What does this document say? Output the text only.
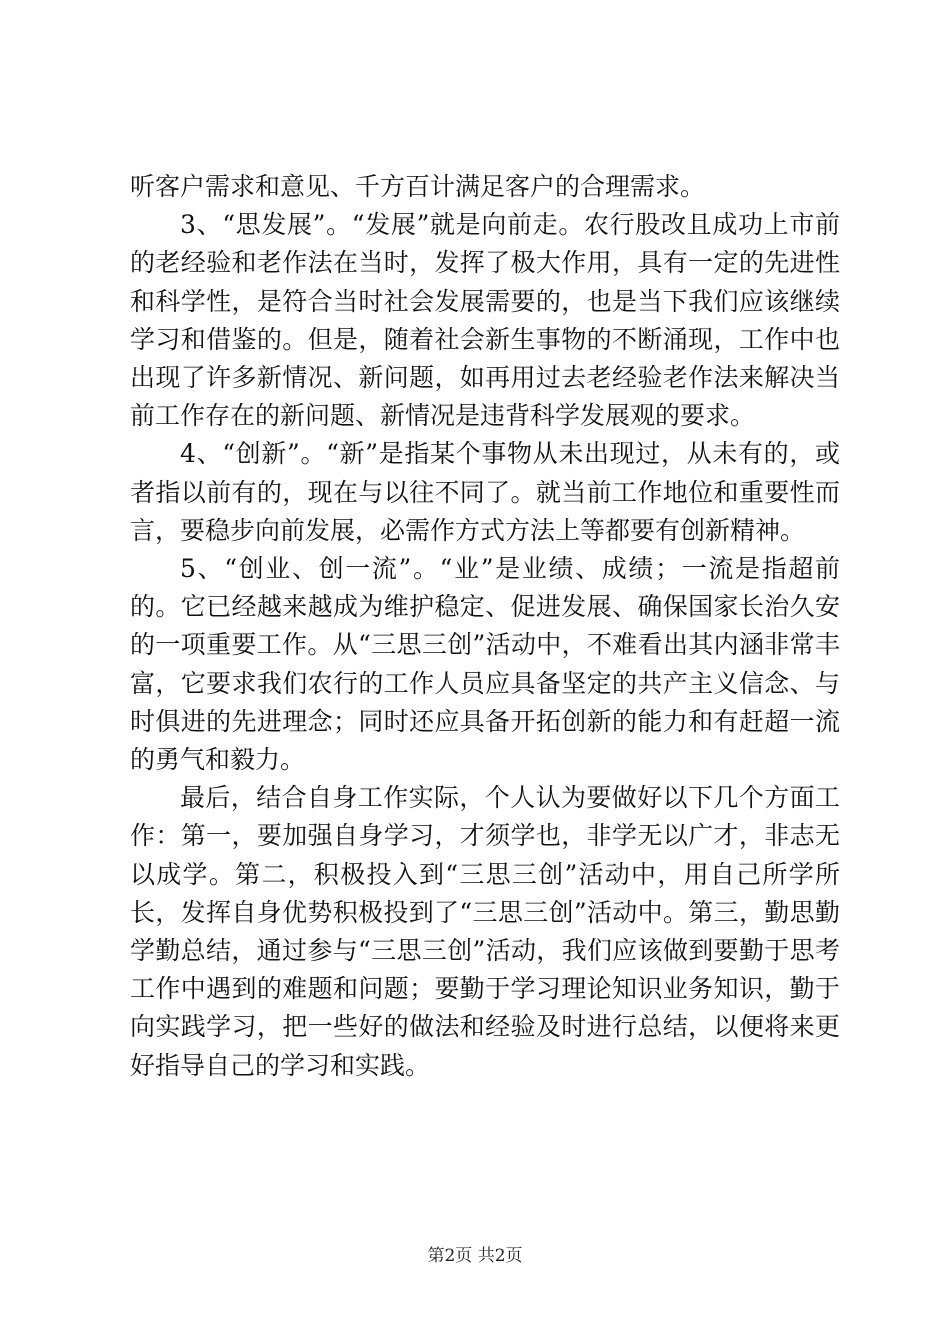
听客户需求和意见、千方百计满足客户的合理需求。

3、“思发展”。“发展”就是向前走。农行股改且成功上市前的老经验和老作法在当时，发挥了极大作用，具有一定的先进性和科学性，是符合当时社会发展需要的，也是当下我们应该继续学习和借鉴的。但是，随着社会新生事物的不断涌现，工作中也出现了许多新情况、新问题，如再用过去老经验老作法来解决当前工作存在的新问题、新情况是违背科学发展观的要求。

4、“创新”。“新”是指某个事物从未出现过，从未有的，或者指以前有的，现在与以往不同了。就当前工作地位和重要性而言，要稳步向前发展，必需作方式方法上等都要有创新精神。

5、“创业、创一流”。“业”是业绩、成绩；一流是指超前的。它已经越来越成为维护稳定、促进发展、确保国家长治久安的一项重要工作。从“三思三创”活动中，不难看出其内涵非常丰富，它要求我们农行的工作人员应具备坚定的共产主义信念、与时俱进的先进理念；同时还应具备开拓创新的能力和有赶超一流的勇气和毅力。

最后，结合自身工作实际，个人认为要做好以下几个方面工作：第一，要加强自身学习，才须学也，非学无以广才，非志无以成学。第二，积极投入到“三思三创”活动中，用自己所学所长，发挥自身优势积极投到了“三思三创”活动中。第三，勤思勤学勤总结，通过参与“三思三创”活动，我们应该做到要勤于思考工作中遇到的难题和问题；要勤于学习理论知识业务知识，勤于向实践学习，把一些好的做法和经验及时进行总结，以便将来更好指导自己的学习和实践。

第2页 共2页
